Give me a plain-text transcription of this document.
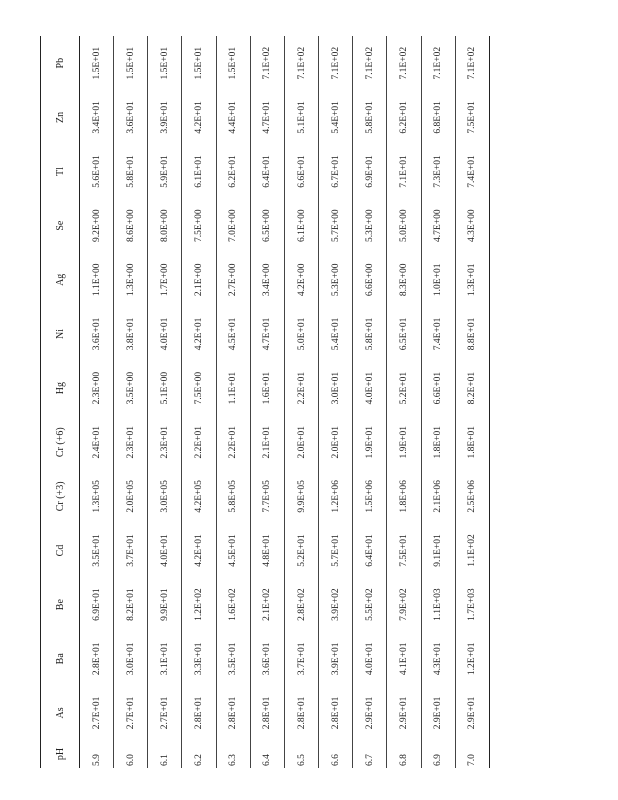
pH	As	Ba	Be	Cd	Cr (+3)	Cr (+6)	Hg	Ni	Ag	Se	Tl	Zn	Pb
5.9	2.7E+01	2.8E+01	6.9E+01	3.5E+01	1.3E+05	2.4E+01	2.3E+00	3.6E+01	1.1E+00	9.2E+00	5.6E+01	3.4E+01	1.5E+01
6.0	2.7E+01	3.0E+01	8.2E+01	3.7E+01	2.0E+05	2.3E+01	3.5E+00	3.8E+01	1.3E+00	8.6E+00	5.8E+01	3.6E+01	1.5E+01
6.1	2.7E+01	3.1E+01	9.9E+01	4.0E+01	3.0E+05	2.3E+01	5.1E+00	4.0E+01	1.7E+00	8.0E+00	5.9E+01	3.9E+01	1.5E+01
6.2	2.8E+01	3.3E+01	1.2E+02	4.2E+01	4.2E+05	2.2E+01	7.5E+00	4.2E+01	2.1E+00	7.5E+00	6.1E+01	4.2E+01	1.5E+01
6.3	2.8E+01	3.5E+01	1.6E+02	4.5E+01	5.8E+05	2.2E+01	1.1E+01	4.5E+01	2.7E+00	7.0E+00	6.2E+01	4.4E+01	1.5E+01
6.4	2.8E+01	3.6E+01	2.1E+02	4.8E+01	7.7E+05	2.1E+01	1.6E+01	4.7E+01	3.4E+00	6.5E+00	6.4E+01	4.7E+01	7.1E+02
6.5	2.8E+01	3.7E+01	2.8E+02	5.2E+01	9.9E+05	2.0E+01	2.2E+01	5.0E+01	4.2E+00	6.1E+00	6.6E+01	5.1E+01	7.1E+02
6.6	2.8E+01	3.9E+01	3.9E+02	5.7E+01	1.2E+06	2.0E+01	3.0E+01	5.4E+01	5.3E+00	5.7E+00	6.7E+01	5.4E+01	7.1E+02
6.7	2.9E+01	4.0E+01	5.5E+02	6.4E+01	1.5E+06	1.9E+01	4.0E+01	5.8E+01	6.6E+00	5.3E+00	6.9E+01	5.8E+01	7.1E+02
6.8	2.9E+01	4.1E+01	7.9E+02	7.5E+01	1.8E+06	1.9E+01	5.2E+01	6.5E+01	8.3E+00	5.0E+00	7.1E+01	6.2E+01	7.1E+02
6.9	2.9E+01	4.3E+01	1.1E+03	9.1E+01	2.1E+06	1.8E+01	6.6E+01	7.4E+01	1.0E+01	4.7E+00	7.3E+01	6.8E+01	7.1E+02
7.0	2.9E+01	1.2E+01	1.7E+03	1.1E+02	2.5E+06	1.8E+01	8.2E+01	8.8E+01	1.3E+01	4.3E+00	7.4E+01	7.5E+01	7.1E+02
